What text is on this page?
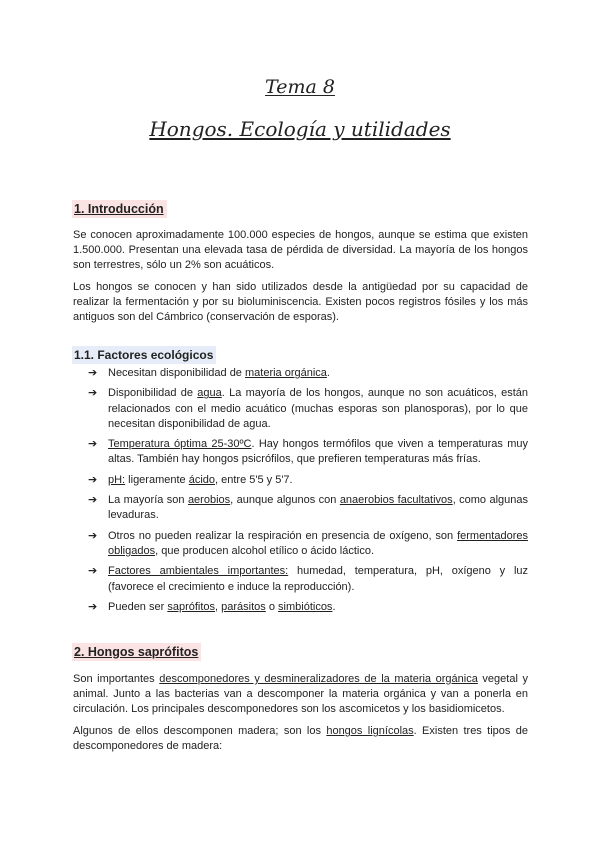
Tema 8
Hongos. Ecología y utilidades
1. Introducción

Se conocen aproximadamente 100.000 especies de hongos, aunque se estima que existen 1.500.000. Presentan una elevada tasa de pérdida de diversidad. La mayoría de los hongos son terrestres, sólo un 2% son acuáticos.

Los hongos se conocen y han sido utilizados desde la antigüedad por su capacidad de realizar la fermentación y por su bioluminiscencia. Existen pocos registros fósiles y los más antiguos son del Cámbrico (conservación de esporas).

1.1. Factores ecológicos
➔ Necesitan disponibilidad de materia orgánica.
➔ Disponibilidad de agua. La mayoría de los hongos, aunque no son acuáticos, están relacionados con el medio acuático (muchas esporas son planosporas), por lo que necesitan disponibilidad de agua.
➔ Temperatura óptima 25-30ºC. Hay hongos termófilos que viven a temperaturas muy altas. También hay hongos psicrófilos, que prefieren temperaturas más frías.
➔ pH: ligeramente ácido, entre 5'5 y 5'7.
➔ La mayoría son aerobios, aunque algunos con anaerobios facultativos, como algunas levaduras.
➔ Otros no pueden realizar la respiración en presencia de oxígeno, son fermentadores obligados, que producen alcohol etílico o ácido láctico.
➔ Factores ambientales importantes: humedad, temperatura, pH, oxígeno y luz (favorece el crecimiento e induce la reproducción).
➔ Pueden ser saprófitos, parásitos o simbióticos.
2. Hongos saprófitos

Son importantes descomponedores y desmineralizadores de la materia orgánica vegetal y animal. Junto a las bacterias van a descomponer la materia orgánica y van a ponerla en circulación. Los principales descomponedores son los ascomicetos y los basidiomicetos.

Algunos de ellos descomponen madera; son los hongos lignícolas. Existen tres tipos de descomponedores de madera:
